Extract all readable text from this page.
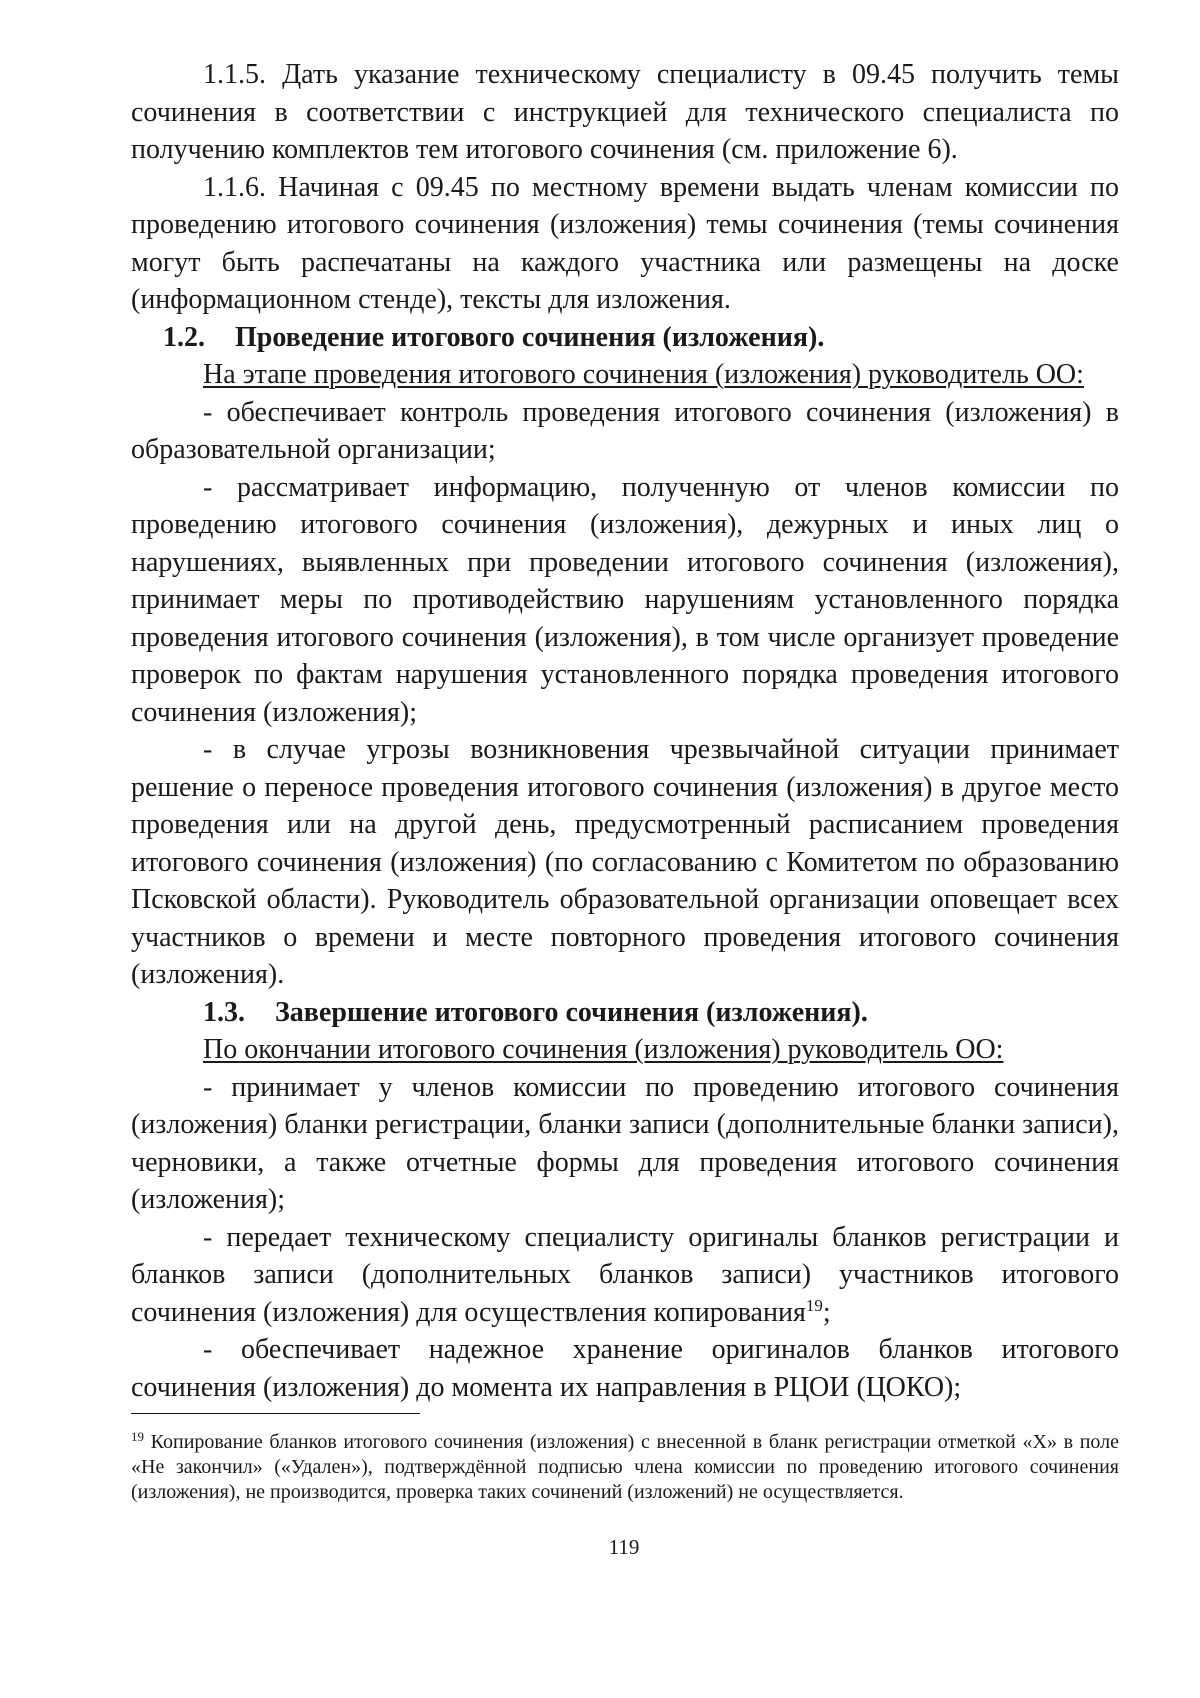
1.1.5. Дать указание техническому специалисту в 09.45 получить темы сочинения в соответствии с инструкцией для технического специалиста по получению комплектов тем итогового сочинения (см. приложение 6).

1.1.6. Начиная с 09.45 по местному времени выдать членам комиссии по проведению итогового сочинения (изложения) темы сочинения (темы сочинения могут быть распечатаны на каждого участника или размещены на доске (информационном стенде), тексты для изложения.

1.2. Проведение итогового сочинения (изложения).

На этапе проведения итогового сочинения (изложения) руководитель ОО:

- обеспечивает контроль проведения итогового сочинения (изложения) в образовательной организации;

- рассматривает информацию, полученную от членов комиссии по проведению итогового сочинения (изложения), дежурных и иных лиц о нарушениях, выявленных при проведении итогового сочинения (изложения), принимает меры по противодействию нарушениям установленного порядка проведения итогового сочинения (изложения), в том числе организует проведение проверок по фактам нарушения установленного порядка проведения итогового сочинения (изложения);

- в случае угрозы возникновения чрезвычайной ситуации принимает решение о переносе проведения итогового сочинения (изложения) в другое место проведения или на другой день, предусмотренный расписанием проведения итогового сочинения (изложения) (по согласованию с Комитетом по образованию Псковской области). Руководитель образовательной организации оповещает всех участников о времени и месте повторного проведения итогового сочинения (изложения).

1.3. Завершение итогового сочинения (изложения).

По окончании итогового сочинения (изложения) руководитель ОО:

- принимает у членов комиссии по проведению итогового сочинения (изложения) бланки регистрации, бланки записи (дополнительные бланки записи), черновики, а также отчетные формы для проведения итогового сочинения (изложения);

- передает техническому специалисту оригиналы бланков регистрации и бланков записи (дополнительных бланков записи) участников итогового сочинения (изложения) для осуществления копирования$^{19}$;

- обеспечивает надежное хранение оригиналов бланков итогового сочинения (изложения) до момента их направления в РЦОИ (ЦОКО);

$^{19}$ Копирование бланков итогового сочинения (изложения) с внесенной в бланк регистрации отметкой «Х» в поле «Не закончил» («Удален»), подтверждённой подписью члена комиссии по проведению итогового сочинения (изложения), не производится, проверка таких сочинений (изложений) не осуществляется.

119
